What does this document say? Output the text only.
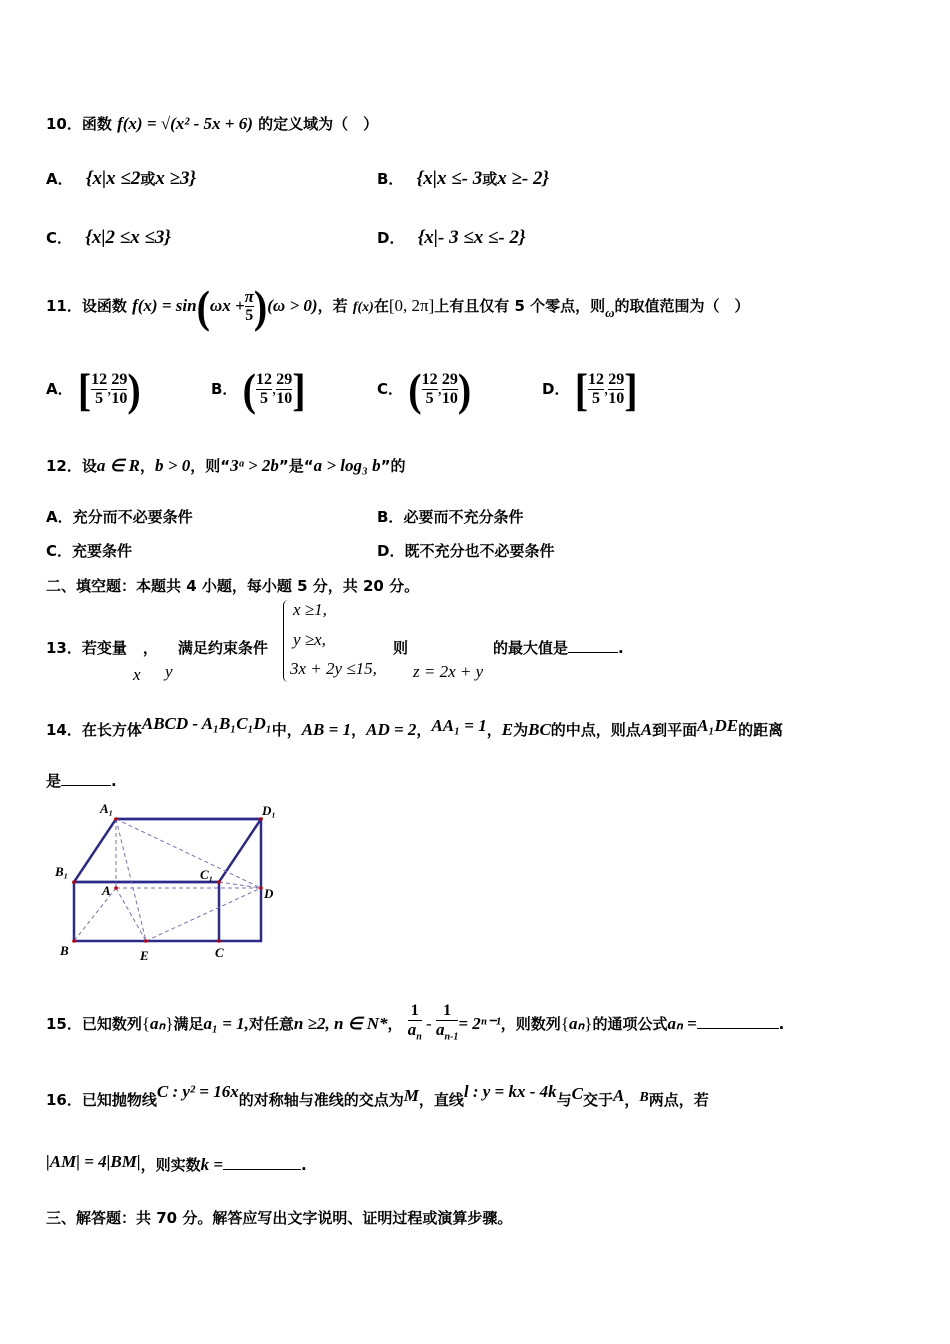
10．函数 f(x) = √(x² - 5x + 6) 的定义域为（　）
A． {x|x ≤2或x ≥3}	B． {x|x ≤- 3或x ≥- 2}
C． {x|2 ≤x ≤3}	D． {x|- 3 ≤x ≤- 2}
11．设函数 $f(x) = \sin(\omega x + \frac{\pi}{5} )(\omega > 0)$，若 f(x)在[0, 2π]上有且仅有 5 个零点，则ω的取值范围为（　）
A． [ $\frac{12}{5}$ , $\frac{29}{10}$ )	B． ( $\frac{12}{5}$ , $\frac{29}{10}$ ]	C． ( $\frac{12}{5}$ , $\frac{29}{10}$ )	D． [ $\frac{12}{5}$ , $\frac{29}{10}$ ]
12．设a ∈ R，b > 0，则“3ᵃ > 2b”是“a > log₃ b”的
A．充分而不必要条件	B．必要而不充分条件
C．充要条件	D．既不充分也不必要条件
二、填空题：本题共 4 小题，每小题 5 分，共 20 分。
13．若变量 ， 满足约束条件
x ≥1,
y ≥x,
3x + 2y ≤15,
则	的最大值是	.
x y	z = 2x + y
14．在长方体ABCD - A₁B₁C₁D₁中，AB = 1，AD = 2，AA₁ = 1，E为BC的中点，则点A到平面A₁DE的距离
是	.
A₁	D₁
B₁	C₁
A	D
B	E	C
15．已知数列{aₙ}满足a₁ = 1,对任意n ≥2, n ∈ N*， $\frac{1}{a_n} - \frac{1}{a_{n-1}} = 2^{n-1}$，则数列{aₙ}的通项公式aₙ =	.
16．已知抛物线C : y² = 16x的对称轴与准线的交点为M，直线l : y = kx - 4k与C交于A，B两点，若
|AM| = 4|BM|，则实数k =	.
三、解答题：共 70 分。解答应写出文字说明、证明过程或演算步骤。
